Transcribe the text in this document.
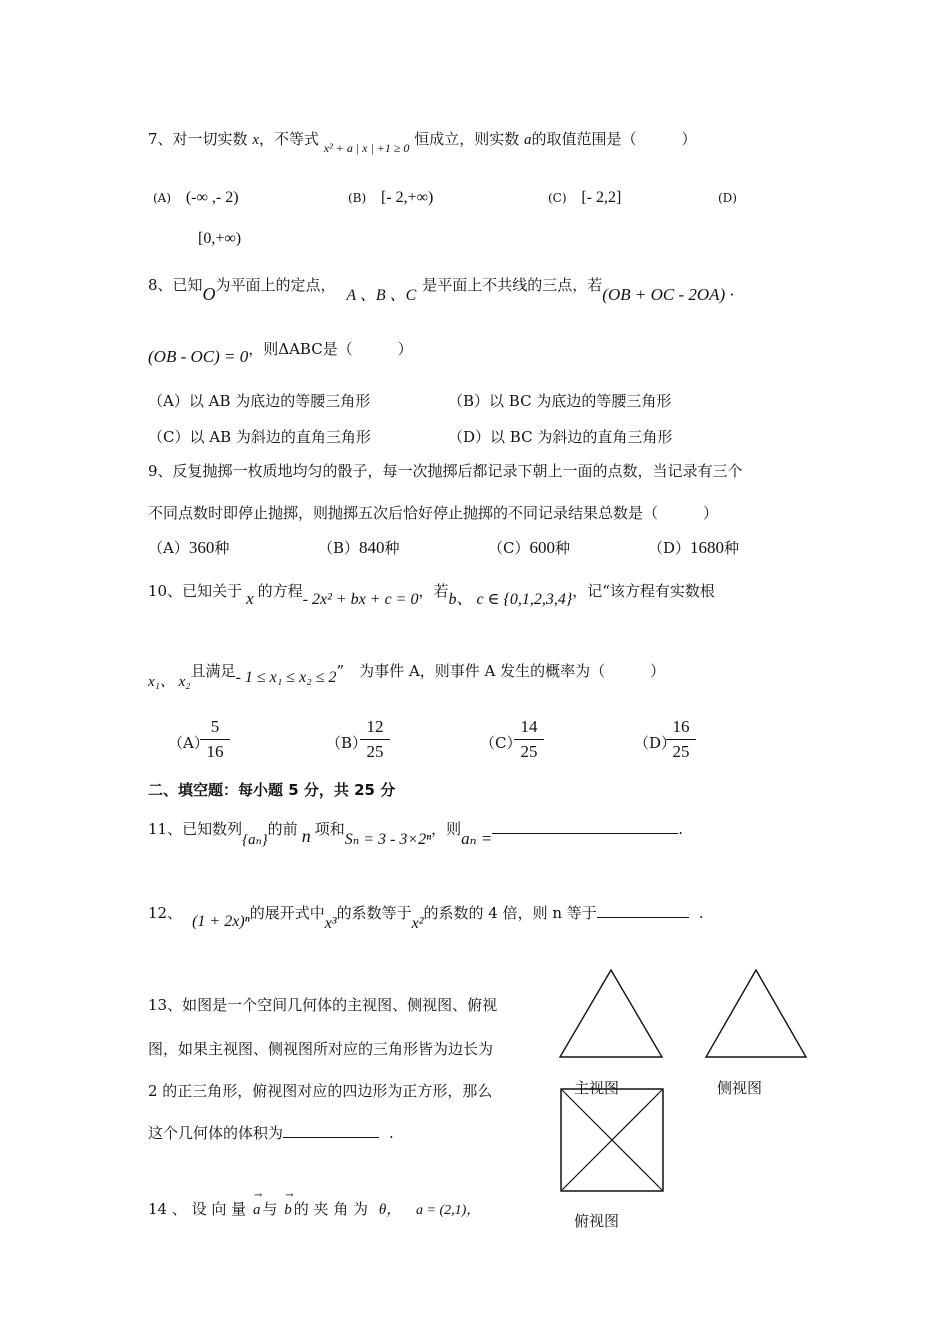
7、对一切实数 x，不等式 $_{x^2 + a | x | +1 \ge 0}$ 恒成立，则实数 a的取值范围是（　　　）
(A) (-∞ ,- 2)	(B) [- 2,+∞)	(C) [- 2,2]	(D)
[0,+∞)
8、已知O为平面上的定点， A 、B 、C是平面上不共线的三点，若(OB + OC - 2OA) ·
(OB - OC) = 0，则ΔABC是（　　　）
（A）以 AB 为底边的等腰三角形	（B）以 BC 为底边的等腰三角形
（C）以 AB 为斜边的直角三角形	（D）以 BC 为斜边的直角三角形
9、反复抛掷一枚质地均匀的骰子，每一次抛掷后都记录下朝上一面的点数，当记录有三个
不同点数时即停止抛掷，则抛掷五次后恰好停止抛掷的不同记录结果总数是（　　　）
（A）360种	（B）840种	（C）600种	（D）1680种
10、已知关于 x 的方程- 2x² + bx + c = 0，若b、 c ∈ {0,1,2,3,4}，记“该方程有实数根
x₁、 x₂且满足- 1 ≤ x₁ ≤ x₂ ≤ 2”　为事件 A，则事件 A 发生的概率为（　　　）
（A）
5
16	（B）
12
25	（C）
14
25	（D）
16
25
二、填空题：每小题 5 分，共 25 分
11、已知数列{aₙ}的前 n 项和Sₙ = 3 - 3×2ⁿ，则aₙ =	.
12、 (1 + 2x)ⁿ的展开式中x³的系数等于x²的系数的 4 倍，则 n 等于	.
13、如图是一个空间几何体的主视图、侧视图、俯视
图，如果主视图、侧视图所对应的三角形皆为边长为
2 的正三角形，俯视图对应的四边形为正方形，那么
这个几何体的体积为	.
主视图	侧视图
俯视图
14 、 设 向 量
→
a 与
→
b 的 夹 角 为 θ， a = (2,1)，
